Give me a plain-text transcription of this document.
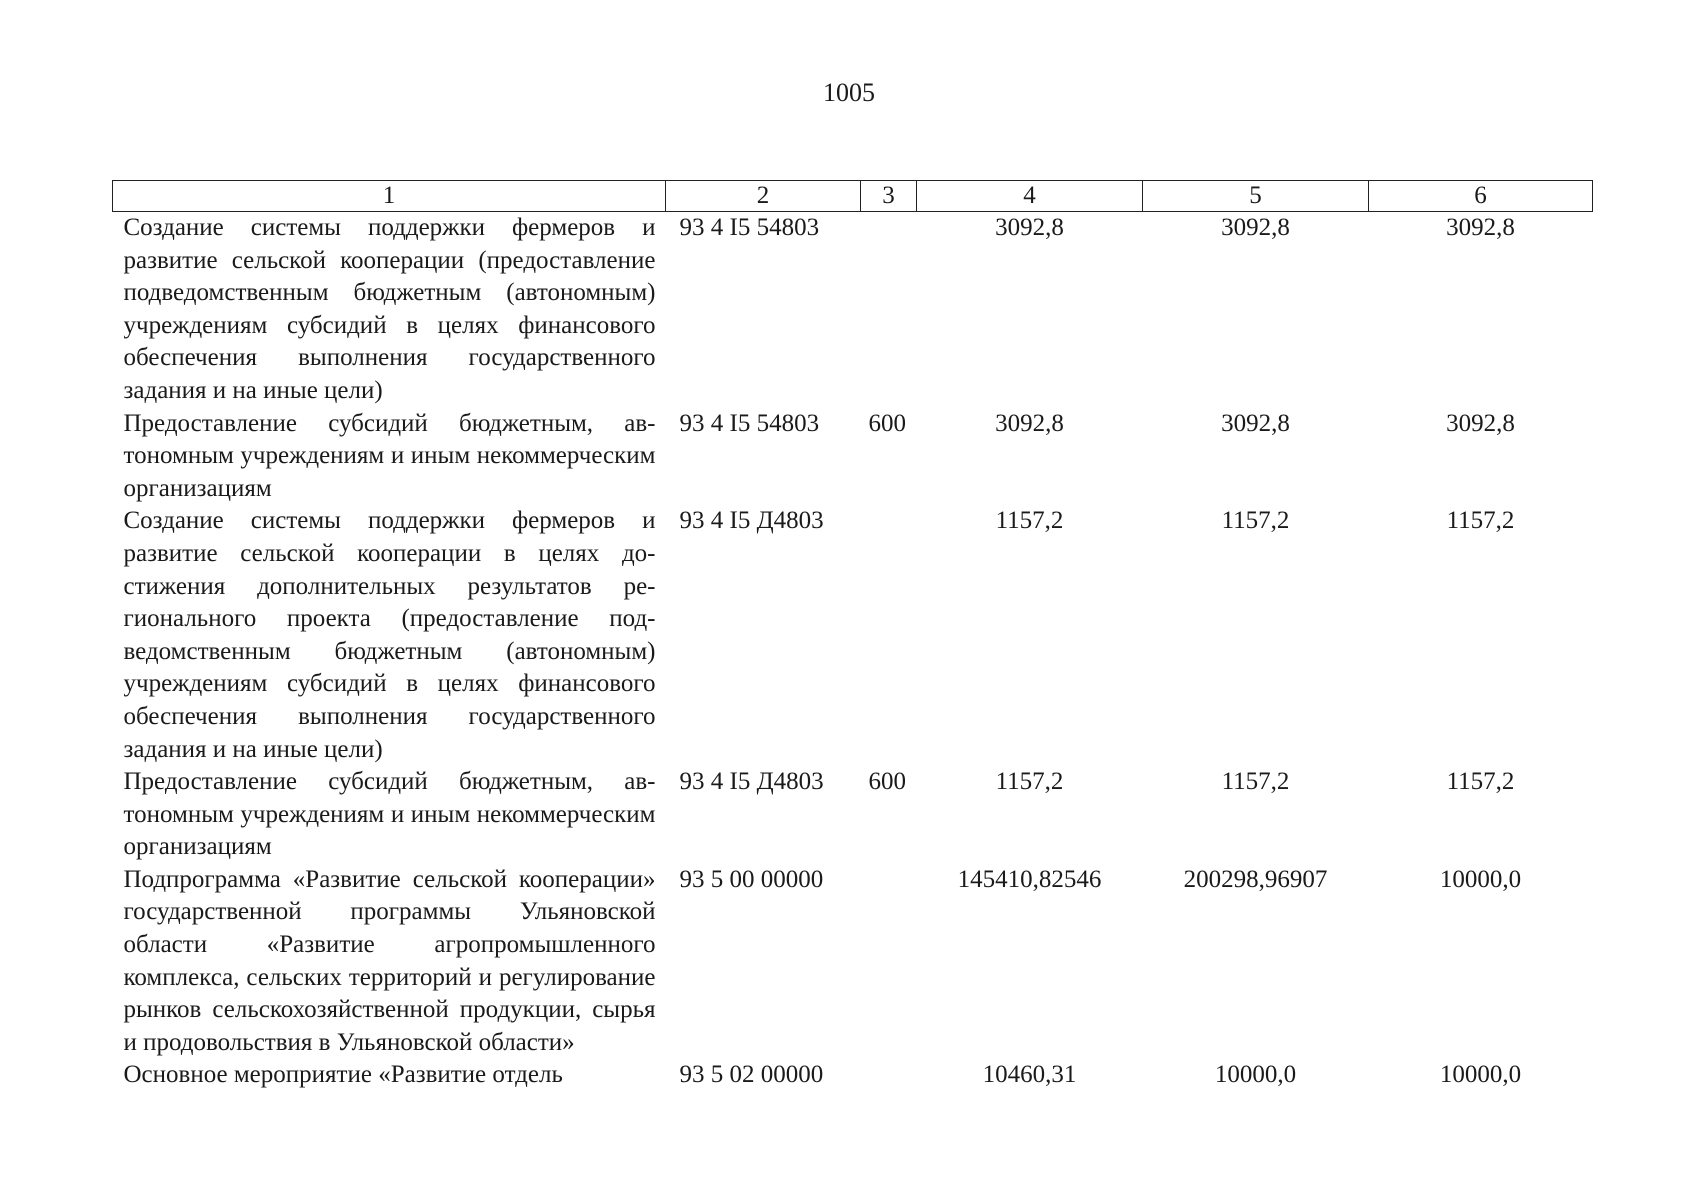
1005
1	2	3	4	5	6
Создание системы поддержки фермеров и развитие сельской кооперации (предоставление подведомственным бюджетным (автономным) учреждениям субсидий в целях финансового обеспечения выполнения государственного задания и на иные цели)	93 4 I5 54803		3092,8	3092,8	3092,8
Предоставление субсидий бюджетным, автономным учреждениям и иным некоммерческим организациям	93 4 I5 54803	600	3092,8	3092,8	3092,8
Создание системы поддержки фермеров и развитие сельской кооперации в целях достижения дополнительных результатов регионального проекта (предоставление подведомственным бюджетным (автономным) учреждениям субсидий в целях финансового обеспечения выполнения государственного задания и на иные цели)	93 4 I5 Д4803		1157,2	1157,2	1157,2
Предоставление субсидий бюджетным, автономным учреждениям и иным некоммерческим организациям	93 4 I5 Д4803	600	1157,2	1157,2	1157,2
Подпрограмма «Развитие сельской кооперации» государственной программы Ульяновской области «Развитие агропромышленного комплекса, сельских территорий и регулирование рынков сельскохозяйственной продукции, сырья и продовольствия в Ульяновской области»	93 5 00 00000		145410,82546	200298,96907	10000,0
Основное мероприятие «Развитие отдель	93 5 02 00000		10460,31	10000,0	10000,0
